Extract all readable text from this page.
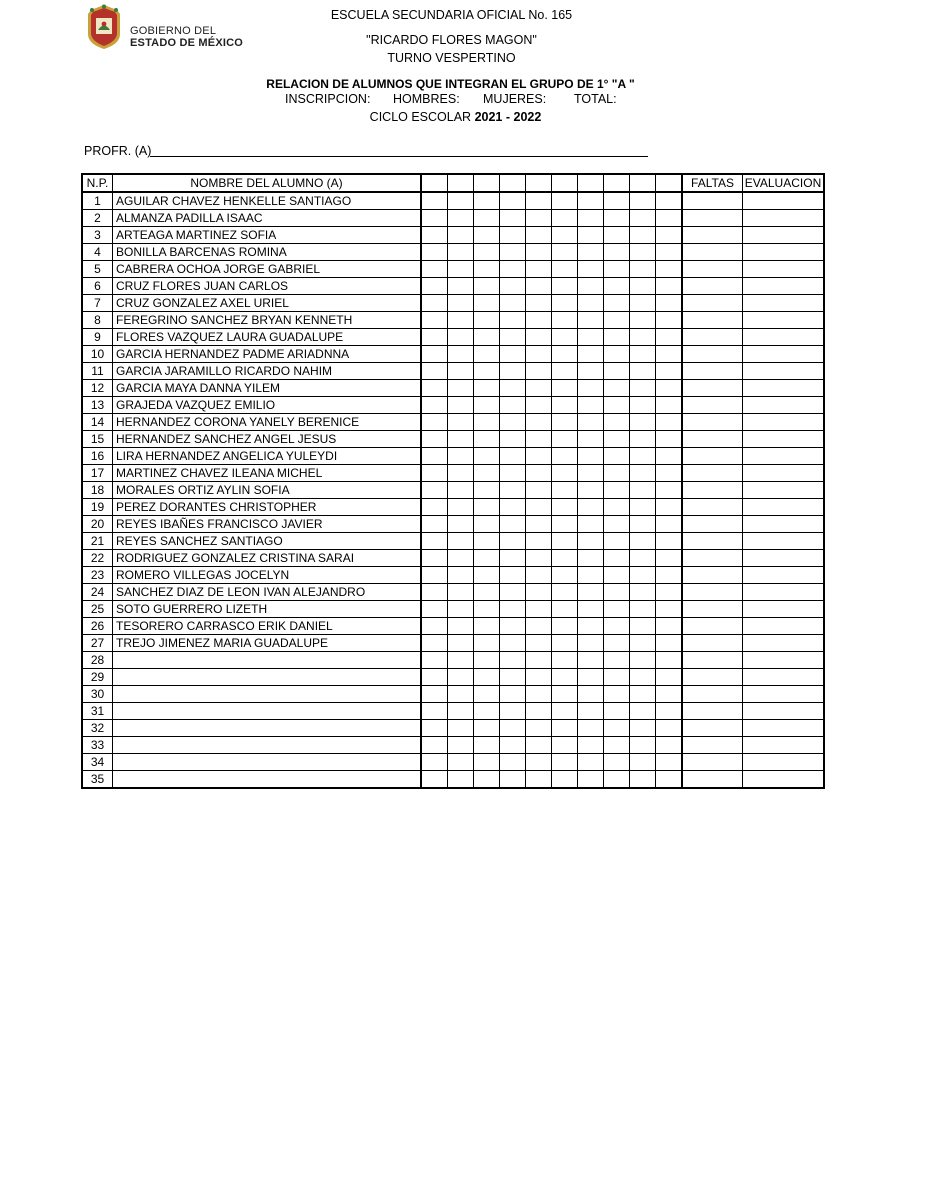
GOBIERNO DEL
ESTADO DE MÉXICO
ESCUELA SECUNDARIA OFICIAL No. 165
"RICARDO FLORES MAGON"
TURNO VESPERTINO
RELACION DE ALUMNOS QUE INTEGRAN EL GRUPO DE 1° "A "
INSCRIPCION: HOMBRES: MUJERES: TOTAL:
CICLO ESCOLAR 2021 - 2022
PROFR. (A)
N.P.	NOMBRE DEL ALUMNO (A)											FALTAS	EVALUACION
1	AGUILAR CHAVEZ HENKELLE SANTIAGO												
2	ALMANZA PADILLA ISAAC												
3	ARTEAGA MARTINEZ SOFIA												
4	BONILLA BARCENAS ROMINA												
5	CABRERA OCHOA JORGE GABRIEL												
6	CRUZ FLORES JUAN CARLOS												
7	CRUZ GONZALEZ AXEL URIEL												
8	FEREGRINO SANCHEZ BRYAN KENNETH												
9	FLORES VAZQUEZ LAURA GUADALUPE												
10	GARCIA HERNANDEZ PADME ARIADNNA												
11	GARCIA JARAMILLO RICARDO NAHIM												
12	GARCIA MAYA DANNA YILEM												
13	GRAJEDA VAZQUEZ EMILIO												
14	HERNANDEZ CORONA YANELY BERENICE												
15	HERNANDEZ SANCHEZ ANGEL JESUS												
16	LIRA HERNANDEZ ANGELICA YULEYDI												
17	MARTINEZ CHAVEZ ILEANA MICHEL												
18	MORALES ORTIZ AYLIN SOFIA												
19	PEREZ DORANTES CHRISTOPHER												
20	REYES IBAÑES FRANCISCO JAVIER												
21	REYES SANCHEZ SANTIAGO												
22	RODRIGUEZ GONZALEZ CRISTINA SARAI												
23	ROMERO VILLEGAS JOCELYN												
24	SANCHEZ DIAZ DE LEON IVAN ALEJANDRO												
25	SOTO GUERRERO LIZETH												
26	TESORERO CARRASCO ERIK DANIEL												
27	TREJO JIMENEZ MARIA GUADALUPE												
28													
29													
30													
31													
32													
33													
34													
35													
